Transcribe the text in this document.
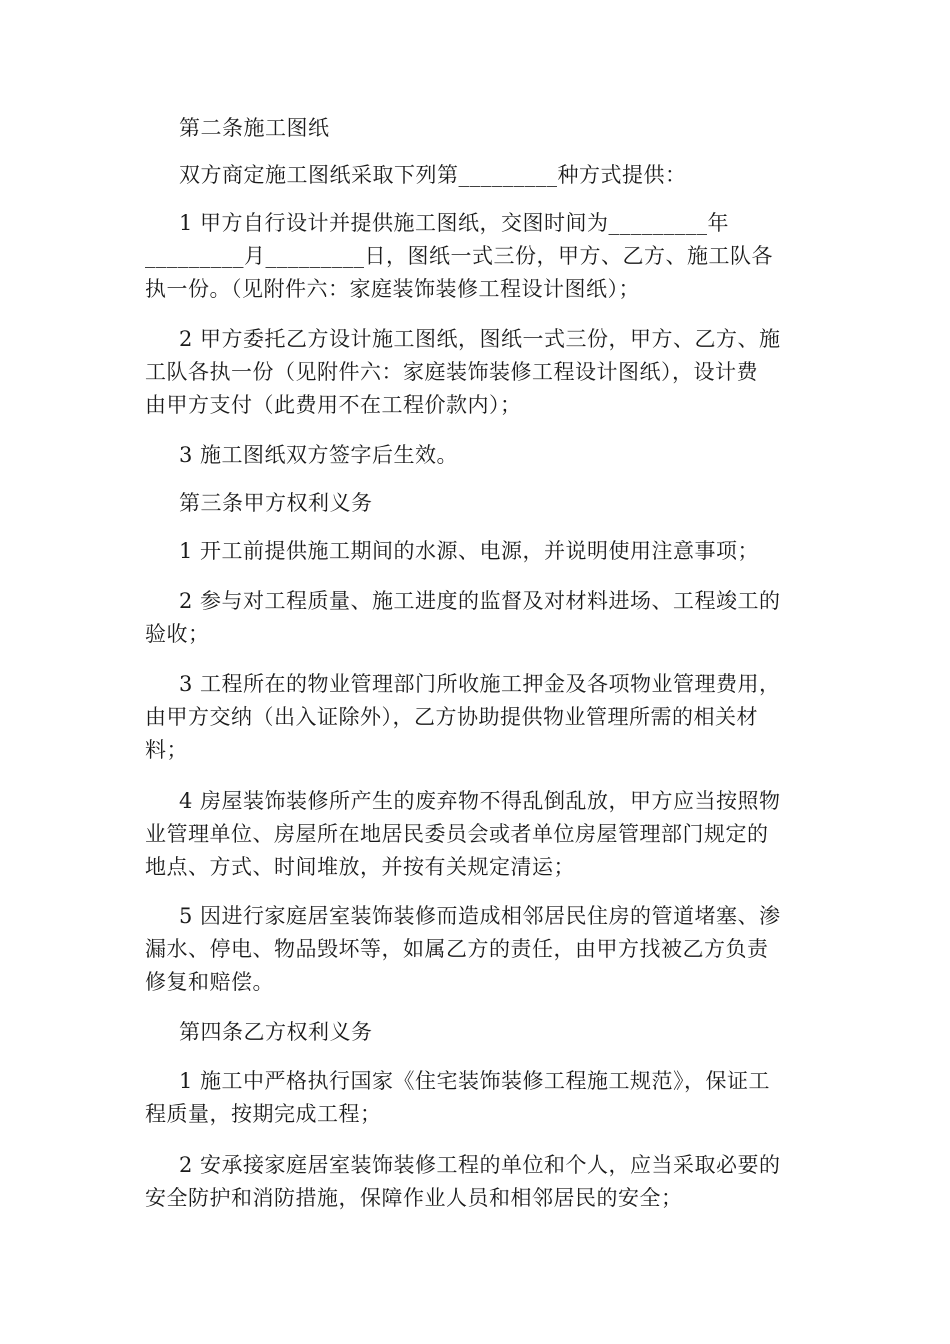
第二条施工图纸

双方商定施工图纸采取下列第_________种方式提供：

1 甲方自行设计并提供施工图纸，交图时间为_________年
_________月_________日，图纸一式三份，甲方、乙方、施工队各
执一份。（见附件六：家庭装饰装修工程设计图纸）；

2 甲方委托乙方设计施工图纸，图纸一式三份，甲方、乙方、施
工队各执一份（见附件六：家庭装饰装修工程设计图纸），设计费
由甲方支付（此费用不在工程价款内）；

3 施工图纸双方签字后生效。

第三条甲方权利义务

1 开工前提供施工期间的水源、电源，并说明使用注意事项；

2 参与对工程质量、施工进度的监督及对材料进场、工程竣工的
验收；

3 工程所在的物业管理部门所收施工押金及各项物业管理费用，
由甲方交纳（出入证除外），乙方协助提供物业管理所需的相关材
料；

4 房屋装饰装修所产生的废弃物不得乱倒乱放，甲方应当按照物
业管理单位、房屋所在地居民委员会或者单位房屋管理部门规定的
地点、方式、时间堆放，并按有关规定清运；

5 因进行家庭居室装饰装修而造成相邻居民住房的管道堵塞、渗
漏水、停电、物品毁坏等，如属乙方的责任，由甲方找被乙方负责
修复和赔偿。

第四条乙方权利义务

1 施工中严格执行国家《住宅装饰装修工程施工规范》，保证工
程质量，按期完成工程；

2 安承接家庭居室装饰装修工程的单位和个人，应当采取必要的
安全防护和消防措施，保障作业人员和相邻居民的安全；
